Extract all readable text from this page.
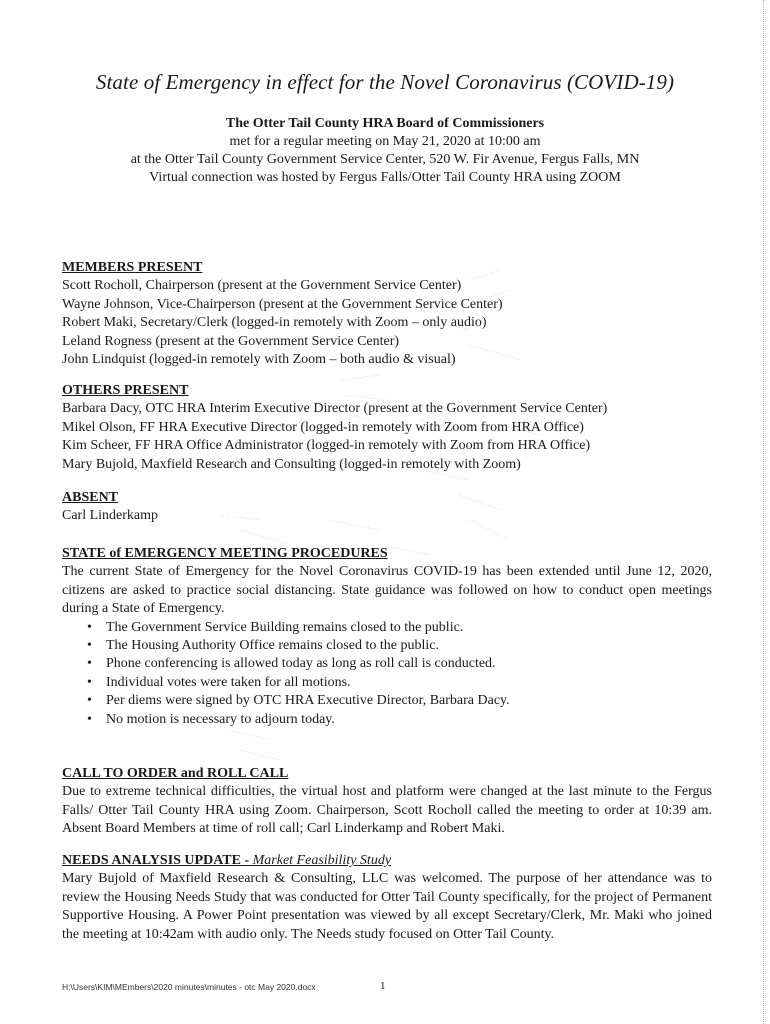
State of Emergency in effect for the Novel Coronavirus (COVID-19)
The Otter Tail County HRA Board of Commissioners
met for a regular meeting on May 21, 2020 at 10:00 am
at the Otter Tail County Government Service Center, 520 W. Fir Avenue, Fergus Falls, MN
Virtual connection was hosted by Fergus Falls/Otter Tail County HRA using ZOOM

MEMBERS PRESENT

Scott Rocholl, Chairperson (present at the Government Service Center)

Wayne Johnson, Vice-Chairperson (present at the Government Service Center)

Robert Maki, Secretary/Clerk (logged-in remotely with Zoom – only audio)

Leland Rogness (present at the Government Service Center)

John Lindquist (logged-in remotely with Zoom – both audio & visual)

OTHERS PRESENT

Barbara Dacy, OTC HRA Interim Executive Director (present at the Government Service Center)

Mikel Olson, FF HRA Executive Director (logged-in remotely with Zoom from HRA Office)

Kim Scheer, FF HRA Office Administrator (logged-in remotely with Zoom from HRA Office)

Mary Bujold, Maxfield Research and Consulting (logged-in remotely with Zoom)

ABSENT

Carl Linderkamp

STATE of EMERGENCY MEETING PROCEDURES

The current State of Emergency for the Novel Coronavirus COVID-19 has been extended until June 12, 2020, citizens are asked to practice social distancing. State guidance was followed on how to conduct open meetings during a State of Emergency.

• The Government Service Building remains closed to the public.
• The Housing Authority Office remains closed to the public.
• Phone conferencing is allowed today as long as roll call is conducted.
• Individual votes were taken for all motions.
• Per diems were signed by OTC HRA Executive Director, Barbara Dacy.
• No motion is necessary to adjourn today.

CALL TO ORDER and ROLL CALL

Due to extreme technical difficulties, the virtual host and platform were changed at the last minute to the Fergus Falls/ Otter Tail County HRA using Zoom. Chairperson, Scott Rocholl called the meeting to order at 10:39 am. Absent Board Members at time of roll call; Carl Linderkamp and Robert Maki.

NEEDS ANALYSIS UPDATE - Market Feasibility Study

Mary Bujold of Maxfield Research & Consulting, LLC was welcomed. The purpose of her attendance was to review the Housing Needs Study that was conducted for Otter Tail County specifically, for the project of Permanent Supportive Housing. A Power Point presentation was viewed by all except Secretary/Clerk, Mr. Maki who joined the meeting at 10:42am with audio only. The Needs study focused on Otter Tail County.

H:\Users\KIM\MEmbers\2020 minutes\minutes - otc May 2020.docx	1
